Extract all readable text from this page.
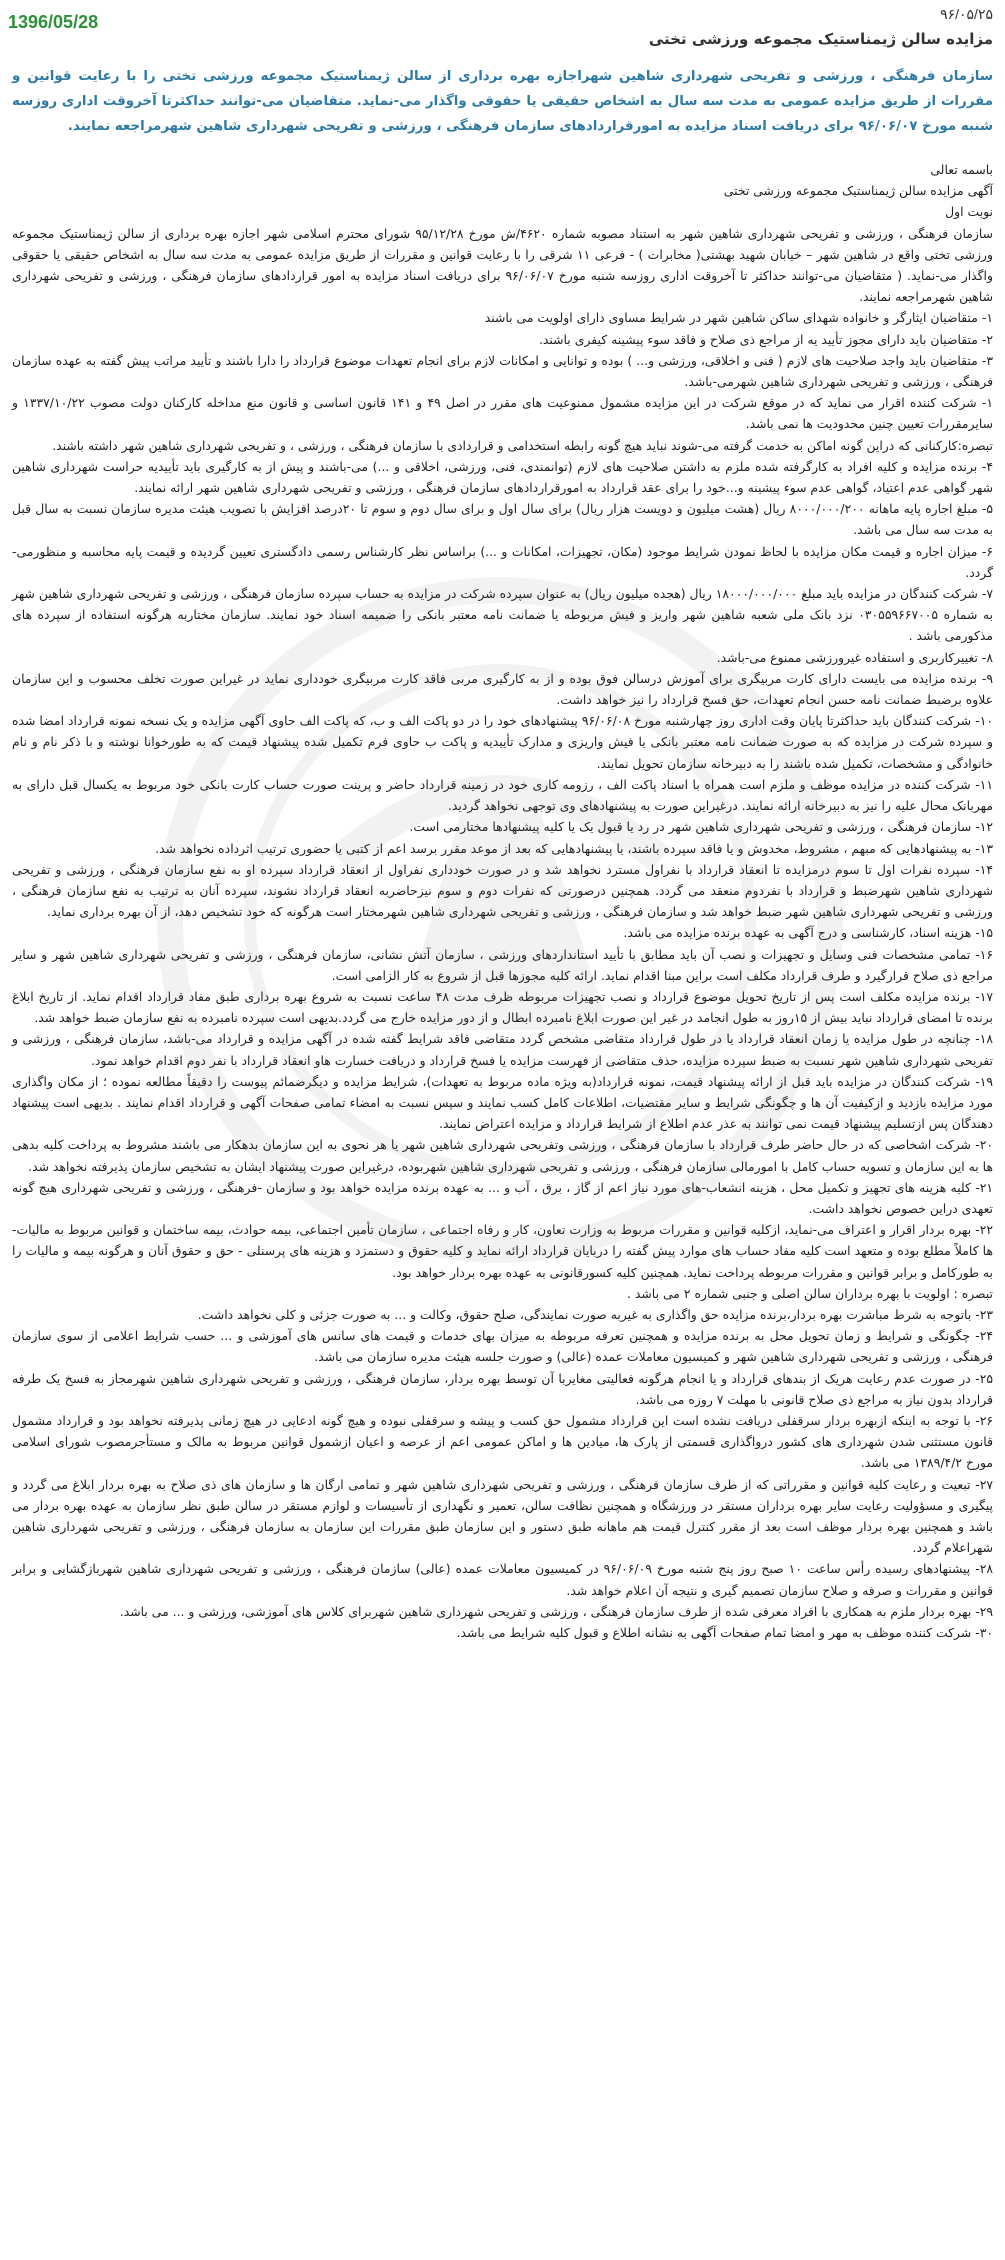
1396/05/28	۹۶/۰۵/۲۵
مزایده سالن ژیمناستیک مجموعه ورزشی تختی
سازمان فرهنگی ، ورزشی و تفریحی شهرداری شاهین شهراجازه بهره برداری از سالن ژیمناستیک مجموعه ورزشی تختی را با رعایت قوانین و مقررات از طریق مزایده عمومی به مدت سه سال به اشخاص حقیقی یا حقوقی واگذار می-نماید. متقاضیان می-توانند حداکثرتا آخروقت اداری روزسه شنبه مورخ ۹۶/۰۶/۰۷ برای دریافت اسناد مزایده به امورقراردادهای سازمان فرهنگی ، ورزشی و تفریحی شهرداری شاهین شهرمراجعه نمایند.

باسمه تعالی

آگهی مزایده سالن ژیمناستیک مجموعه ورزشی تختی

نوبت اول

سازمان فرهنگی ، ورزشی و تفریحی شهرداری شاهین شهر به استناد مصوبه شماره ۴۶۲۰/ش مورخ ۹۵/۱۲/۲۸ شورای محترم اسلامی شهر اجازه بهره برداری از سالن ژیمناستیک مجموعه ورزشی تختی واقع در شاهین شهر – خیابان شهید بهشتی( مخابرات ) - فرعی ۱۱ شرقی را با رعایت قوانین و مقررات از طریق مزایده عمومی به مدت سه سال به اشخاص حقیقی یا حقوقی واگذار می-نماید. ( متقاضیان می-توانند حداکثر تا آخروقت اداری روزسه شنبه مورخ ۹۶/۰۶/۰۷ برای دریافت اسناد مزایده به امور قراردادهای سازمان فرهنگی ، ورزشی و تفریحی شهرداری شاهین شهرمراجعه نمایند.

۱- متقاضیان ایثارگر و خانواده شهدای ساکن شاهین شهر در شرایط مساوی دارای اولویت می باشند

۲- متقاضیان باید دارای مجوز تأیید یه از مراجع ذی صلاح و فاقد سوء پیشینه کیفری باشند.

۳- متقاضیان باید واجد صلاحیت های لازم ( فنی و اخلاقی، ورزشی و... ) بوده و توانایی و امکانات لازم برای انجام تعهدات موضوع قرارداد را دارا باشند و تأیید مراتب پیش گفته به عهده سازمان فرهنگی ، ورزشی و تفریحی شهرداری شاهین شهرمی-باشد.

۱- شرکت کننده اقرار می نماید که در موقع شرکت در این مزایده مشمول ممنوعیت های مقرر در اصل ۴۹ و ۱۴۱ قانون اساسی و قانون منع مداخله کارکنان دولت مصوب ۱۳۳۷/۱۰/۲۲ و سایرمقررات تعیین چنین محدودیت ها نمی باشد.

تبصره:کارکنانی که دراین گونه اماکن به خدمت گرفته می-شوند نباید هیچ گونه رابطه استخدامی و قراردادی با سازمان فرهنگی ، ورزشی ، و تفریحی شهرداری شاهین شهر داشته باشند.

۴- برنده مزایده و کلیه افراد به کارگرفته شده ملزم به داشتن صلاحیت های لازم (توانمندی، فنی، ورزشی، اخلاقی و ...) می-باشند و پیش از به کارگیری باید تأییدیه حراست شهرداری شاهین شهر گواهی عدم اعتیاد، گواهی عدم سوء پیشینه و...خود را برای عقد قرارداد به امورقراردادهای سازمان فرهنگی ، ورزشی و تفریحی شهرداری شاهین شهر ارائه نمایند.

۵- مبلغ اجاره پایه ماهانه ۸۰۰۰/۰۰۰/۲۰۰ ریال (هشت میلیون و دویست هزار ریال) برای سال اول و برای سال دوم و سوم تا ۲۰درصد افزایش با تصویب هیئت مدیره سازمان نسبت به سال قبل به مدت سه سال می باشد.

۶- میزان اجاره و قیمت مکان مزایده با لحاظ نمودن شرایط موجود (مکان، تجهیزات، امکانات و ...) براساس نظر کارشناس رسمی دادگستری تعیین گردیده و قیمت پایه محاسبه و منظورمی-گردد.

۷- شرکت کنندگان در مزایده باید مبلغ ۱۸۰۰۰/۰۰۰/۰۰۰ ریال (هجده میلیون ریال) به عنوان سپرده شرکت در مزایده به حساب سپرده سازمان فرهنگی ، ورزشی و تفریحی شهرداری شاهین شهر به شماره ۰۳۰۵۵۹۶۶۷۰۰۵ نزد بانک ملی شعبه شاهین شهر واریز و فیش مربوطه یا ضمانت نامه معتبر بانکی را ضمیمه اسناد خود نمایند. سازمان مختاربه هرگونه استفاده از سپرده های مذکورمی باشد .

۸- تغییرکاربری و استفاده غیرورزشی ممنوع می-باشد.

۹- برنده مزایده می بایست دارای کارت مربیگری برای آموزش درسالن فوق بوده و از به کارگیری مربی فاقد کارت مربیگری خودداری نماید در غیراین صورت تخلف محسوب و این سازمان علاوه برضبط ضمانت نامه حسن انجام تعهدات، حق فسخ قرارداد را نیز خواهد داشت.

۱۰- شرکت کنندگان باید حداکثرتا پایان وقت اداری روز چهارشنبه مورخ ۹۶/۰۶/۰۸ پیشنهادهای خود را در دو پاکت الف و ب، که پاکت الف حاوی آگهی مزایده و یک نسخه نمونه قرارداد امضا شده و سپرده شرکت در مزایده که به صورت ضمانت نامه معتبر بانکی یا فیش واریزی و مدارک تأییدیه و پاکت ب حاوی فرم تکمیل شده پیشنهاد قیمت که به طورخوانا نوشته و با ذکر نام و نام خانوادگی و مشخصات، تکمیل شده باشند را به دبیرخانه سازمان تحویل نمایند.

۱۱- شرکت کننده در مزایده موظف و ملزم است همراه با اسناد پاکت الف ، رزومه کاری خود در زمینه قرارداد حاضر و پرینت صورت حساب کارت بانکی خود مربوط به یکسال قبل دارای به مهربانک محال علیه را نیز به دبیرخانه ارائه نمایند. درغیراین صورت به پیشنهادهای وی توجهی نخواهد گردید.

۱۲- سازمان فرهنگی ، ورزشی و تفریحی شهرداری شاهین شهر در رد یا قبول یک یا کلیه پیشنهادها مختارمی است.

۱۳- به پیشنهادهایی که مبهم ، مشروط، مخدوش و یا فاقد سپرده باشند، یا پیشنهادهایی که بعد از موعد مقرر برسد اعم از کتبی یا حضوری ترتیب اثرداده نخواهد شد.

۱۴- سپرده نفرات اول تا سوم درمزایده تا انعقاد قرارداد با نفراول مسترد نخواهد شد و در صورت خودداری نفراول از انعقاد قرارداد سپرده او به نفع سازمان فرهنگی ، ورزشی و تفریحی شهرداری شاهین شهرضبط و قرارداد با نفردوم منعقد می گردد. همچنین درصورتی که نفرات دوم و سوم نیزحاضربه انعقاد قرارداد نشوند، سپرده آنان به ترتیب به نفع سازمان فرهنگی ، ورزشی و تفریحی شهرداری شاهین شهر ضبط خواهد شد و سازمان فرهنگی ، ورزشی و تفریحی شهرداری شاهین شهرمختار است هرگونه که خود تشخیص دهد، از آن بهره برداری نماید.

۱۵- هزینه اسناد، کارشناسی و درج آگهی به عهده برنده مزایده می باشد.

۱۶- تمامی مشخصات فنی وسایل و تجهیزات و نصب آن باید مطابق با تأیید استانداردهای ورزشی ، سازمان آتش نشانی، سازمان فرهنگی ، ورزشی و تفریحی شهرداری شاهین شهر و سایر مراجع ذی صلاح قرارگیرد و طرف قرارداد مکلف است براین مبنا اقدام نماید. ارائه کلیه مجوزها قبل از شروع به کار الزامی است.

۱۷- برنده مزایده مکلف است پس از تاریخ تحویل موضوع قرارداد و نصب تجهیزات مربوطه ظرف مدت ۴۸ ساعت نسبت به شروع بهره برداری طبق مفاد قرارداد اقدام نماید. از تاریخ ابلاغ برنده تا امضای قرارداد نباید بیش از ۱۵روز به طول انجامد در غیر این صورت ابلاغ نامبرده ابطال و از دور مزایده خارج می گردد.بدیهی است سپرده نامبرده به نفع سازمان ضبط خواهد شد.

۱۸- چنانچه در طول مزایده یا زمان انعقاد قرارداد یا در طول قرارداد متقاضی مشخص گردد متقاضی فاقد شرایط گفته شده در آگهی مزایده و قرارداد می-باشد، سازمان فرهنگی ، ورزشی و تفریحی شهرداری شاهین شهر نسبت به ضبط سپرده مزایده، حذف متقاضی از فهرست مزایده یا فسخ قرارداد و دریافت خسارت هاو انعقاد قرارداد با نفر دوم اقدام خواهد نمود.

۱۹- شرکت کنندگان در مزایده باید قبل از ارائه پیشنهاد قیمت، نمونه قرارداد(به ویژه ماده مربوط به تعهدات)، شرایط مزایده و دیگرضمائم پیوست را دقیقاً مطالعه نموده ؛ از مکان واگذاری مورد مزایده بازدید و ازکیفیت آن ها و چگونگی شرایط و سایر مقتضیات، اطلاعات کامل کسب نمایند و سپس نسبت به امضاء تمامی صفحات آگهی و قرارداد اقدام نمایند . بدیهی است پیشنهاد دهندگان پس ازتسلیم پیشنهاد قیمت نمی توانند به عذر عدم اطلاع از شرایط قرارداد و مزایده اعتراض نمایند.

۲۰- شرکت اشخاصی که در حال حاضر طرف قرارداد با سازمان فرهنگی ، ورزشی وتفریحی شهرداری شاهین شهر یا هر نحوی به این سازمان بدهکار می باشند مشروط به پرداخت کلیه بدهی ها به این سازمان و تسویه حساب کامل با امورمالی سازمان فرهنگی ، ورزشی و تفریحی شهرداری شاهین شهربوده، درغیراین صورت پیشنهاد ایشان به تشخیص سازمان پذیرفته نخواهد شد.

۲۱- کلیه هزینه های تجهیز و تکمیل محل ، هزینه انشعاب-های مورد نیاز اعم از گاز ، برق ، آب و ... به عهده برنده مزایده خواهد بود و سازمان -فرهنگی ، ورزشی و تفریحی شهرداری هیچ گونه تعهدی دراین خصوص نخواهد داشت.

۲۲- بهره بردار اقرار و اعتراف می-نماید، ازکلیه قوانین و مقررات مربوط به وزارت تعاون، کار و رفاه اجتماعی ، سازمان تأمین اجتماعی، بیمه حوادث، بیمه ساختمان و قوانین مربوط به مالیات-ها کاملاً مطلع بوده و متعهد است کلیه مفاد حساب های موارد پیش گفته را دربایان قرارداد ارائه نماید و کلیه حقوق و دستمزد و هزینه های پرسنلی - حق و حقوق آنان و هرگونه بیمه و مالیات را به طورکامل و برابر قوانین و مقررات مربوطه پرداخت نماید. همچنین کلیه کسورقانونی به عهده بهره بردار خواهد بود.

تبصره : اولویت با بهره برداران سالن اصلی و جنبی شماره ۲ می باشد .

۲۳- باتوجه به شرط مباشرت بهره بردار،برنده مزایده حق واگذاری به غیربه صورت نمایندگی، صلح حقوق، وکالت و ... به صورت جزئی و کلی نخواهد داشت.

۲۴- چگونگی و شرایط و زمان تحویل محل به برنده مزایده و همچنین تعرفه مربوطه به میزان بهای خدمات و قیمت های سانس های آموزشی و ... حسب شرایط اعلامی از سوی سازمان فرهنگی ، ورزشی و تفریحی شهرداری شاهین شهر و کمیسیون معاملات عمده (عالی) و صورت جلسه هیئت مدیره سازمان می باشد.

۲۵- در صورت عدم رعایت هریک از بندهای قرارداد و یا انجام هرگونه فعالیتی مغایربا آن توسط بهره بردار، سازمان فرهنگی ، ورزشی و تفریحی شهرداری شاهین شهرمجاز به فسخ یک طرفه قرارداد بدون نیاز به مراجع ذی صلاح قانونی با مهلت ۷ روزه می باشد.

۲۶- با توجه به اینکه ازبهره بردار سرقفلی دریافت نشده است این قرارداد مشمول حق کسب و پیشه و سرقفلی نبوده و هیچ گونه ادعایی در هیچ زمانی پذیرفته نخواهد بود و قرارداد مشمول قانون مستثنی شدن شهرداری های کشور درواگذاری قسمتی از پارک ها، میادین ها و اماکن عمومی اعم از عرصه و اعیان ازشمول قوانین مربوط به مالک و مستأجرمصوب شورای اسلامی مورخ ۱۳۸۹/۴/۲ می باشد.

۲۷- تبعیت و رعایت کلیه قوانین و مقرراتی که از طرف سازمان فرهنگی ، ورزشی و تفریحی شهرداری شاهین شهر و تمامی ارگان ها و سازمان های ذی صلاح به بهره بردار ابلاغ می گردد و پیگیری و مسؤولیت رعایت سایر بهره برداران مستقر در ورزشگاه و همچنین نظافت سالن، تعمیر و نگهداری از تأسیسات و لوازم مستقر در سالن طبق نظر سازمان به عهده بهره بردار می باشد و همچنین بهره بردار موظف است بعد از مقرر کنترل قیمت هم ماهانه طبق دستور و این سازمان طبق مقررات این سازمان به سازمان فرهنگی ، ورزشی و تفریحی شهرداری شاهین شهراعلام گردد.

۲۸- پیشنهادهای رسیده رأس ساعت ۱۰ صبح روز پنج شنبه مورخ ۹۶/۰۶/۰۹ در کمیسیون معاملات عمده (عالی) سازمان فرهنگی ، ورزشی و تفریحی شهرداری شاهین شهربازگشایی و برابر قوانین و مقررات و صرفه و صلاح سازمان تصمیم گیری و نتیجه آن اعلام خواهد شد.

۲۹- بهره بردار ملزم به همکاری با افراد معرفی شده از طرف سازمان فرهنگی ، ورزشی و تفریحی شهرداری شاهین شهربرای کلاس های آموزشی، ورزشی و ... می باشد.

۳۰- شرکت کننده موظف به مهر و امضا تمام صفحات آگهی به نشانه اطلاع و قبول کلیه شرایط می باشد.
